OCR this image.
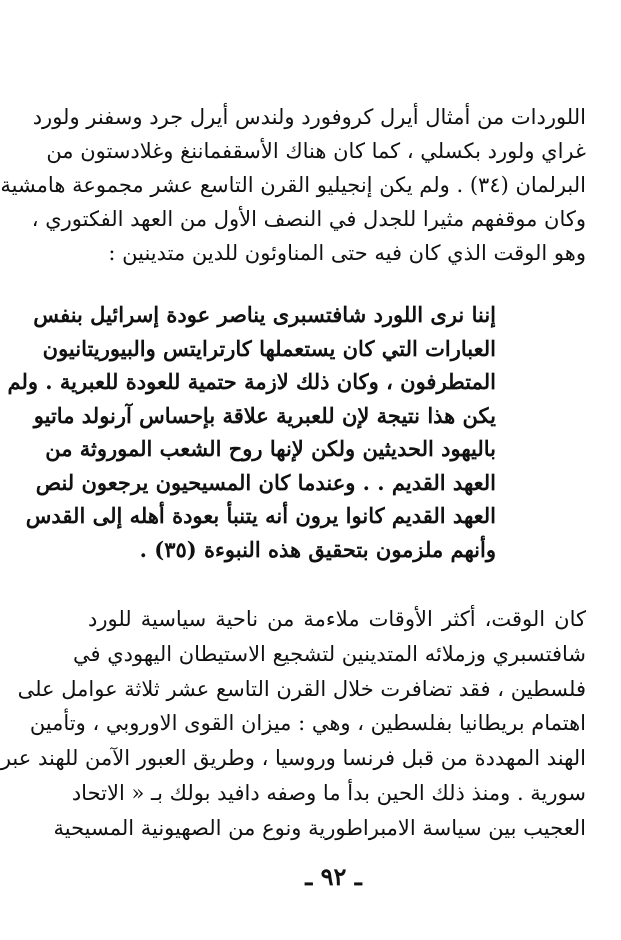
اللوردات من أمثال أيرل كروفورد ولندس أيرل جرد وسفنر ولورد
غراي ولورد بكسلي ، كما كان هناك الأسقفماننغ وغلادستون من
البرلمان (٣٤) . ولم يكن إنجيليو القرن التاسع عشر مجموعة هامشية
وكان موقفهم مثيرا للجدل في النصف الأول من العهد الفكتوري ،
وهو الوقت الذي كان فيه حتى المناوئون للدين متدينين :
إننا نرى اللورد شافتسبرى يناصر عودة إسرائيل بنفس
العبارات التي كان يستعملها كارترايتس والبيوريتانيون
المتطرفون ، وكان ذلك لازمة حتمية للعودة للعبرية . ولم
يكن هذا نتيجة لإن للعبرية علاقة بإحساس آرنولد ماتيو
باليهود الحديثين ولكن لإنها روح الشعب الموروثة من
العهد القديم . . وعندما كان المسيحيون يرجعون لنص
العهد القديم كانوا يرون أنه يتنبأ بعودة أهله إلى القدس
وأنهم ملزمون بتحقيق هذه النبوءة (٣٥) .
كان الوقت، أكثر الأوقات ملاءمة من ناحية سياسية للورد
شافتسبري وزملائه المتدينين لتشجيع الاستيطان اليهودي في
فلسطين ، فقد تضافرت خلال القرن التاسع عشر ثلاثة عوامل على
اهتمام بريطانيا بفلسطين ، وهي : ميزان القوى الاوروبي ، وتأمين
الهند المهددة من قبل فرنسا وروسيا ، وطريق العبور الآمن للهند عبر
سورية . ومنذ ذلك الحين بدأ ما وصفه دافيد بولك بـ « الاتحاد
العجيب بين سياسة الامبراطورية ونوع من الصهيونية المسيحية
ـ ٩٢ ـ
